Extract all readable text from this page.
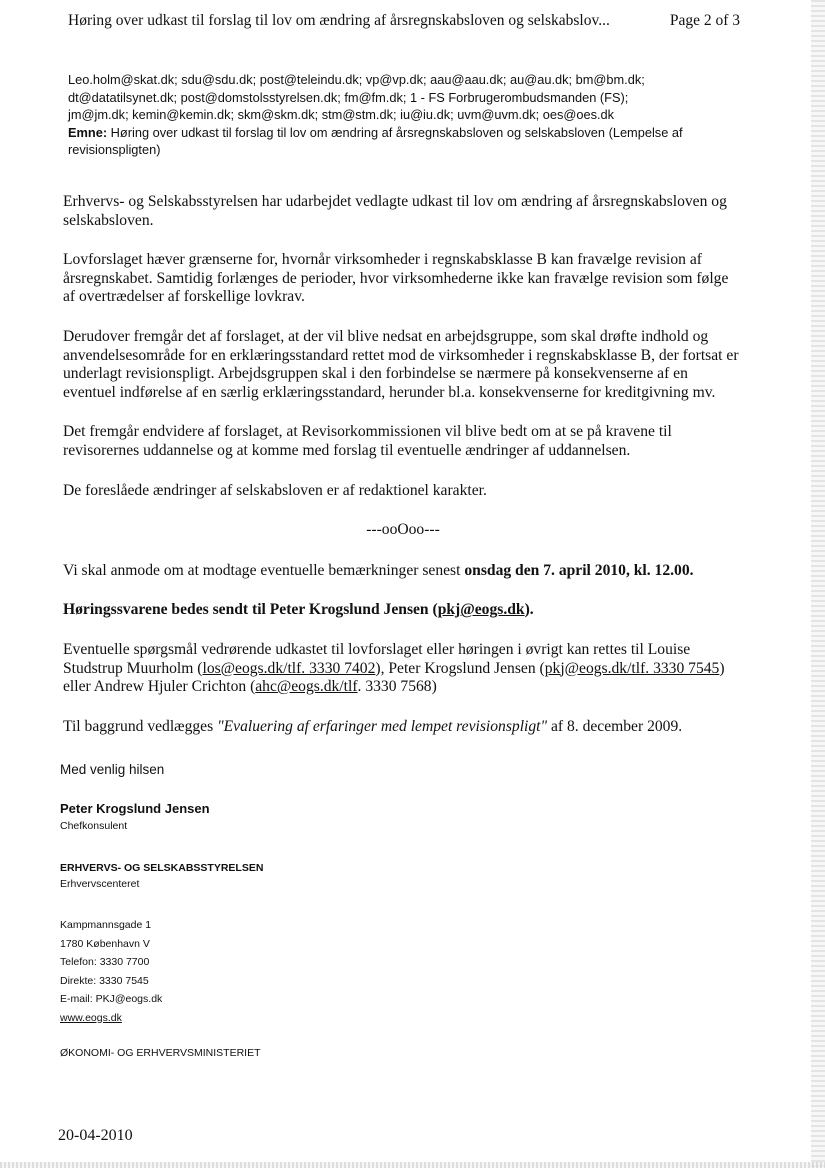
Høring over udkast til forslag til lov om ændring af årsregnskabsloven og selskabslov...	Page 2 of 3
Leo.holm@skat.dk; sdu@sdu.dk; post@teleindu.dk; vp@vp.dk; aau@aau.dk; au@au.dk; bm@bm.dk;
dt@datatilsynet.dk; post@domstolsstyrelsen.dk; fm@fm.dk; 1 - FS Forbrugerombudsmanden (FS);
jm@jm.dk; kemin@kemin.dk; skm@skm.dk; stm@stm.dk; iu@iu.dk; uvm@uvm.dk; oes@oes.dk
Emne: Høring over udkast til forslag til lov om ændring af årsregnskabsloven og selskabsloven (Lempelse af revisionspligten)

Erhvervs- og Selskabsstyrelsen har udarbejdet vedlagte udkast til lov om ændring af årsregnskabsloven og selskabsloven.

Lovforslaget hæver grænserne for, hvornår virksomheder i regnskabsklasse B kan fravælge revision af årsregnskabet. Samtidig forlænges de perioder, hvor virksomhederne ikke kan fravælge revision som følge af overtrædelser af forskellige lovkrav.

Derudover fremgår det af forslaget, at der vil blive nedsat en arbejdsgruppe, som skal drøfte indhold og anvendelsesområde for en erklæringsstandard rettet mod de virksomheder i regnskabsklasse B, der fortsat er underlagt revisionspligt. Arbejdsgruppen skal i den forbindelse se nærmere på konsekvenserne af en eventuel indførelse af en særlig erklæringsstandard, herunder bl.a. konsekvenserne for kreditgivning mv.

Det fremgår endvidere af forslaget, at Revisorkommissionen vil blive bedt om at se på kravene til revisorernes uddannelse og at komme med forslag til eventuelle ændringer af uddannelsen.

De foreslåede ændringer af selskabsloven er af redaktionel karakter.

---ooOoo---

Vi skal anmode om at modtage eventuelle bemærkninger senest onsdag den 7. april 2010, kl. 12.00.

Høringssvarene bedes sendt til Peter Krogslund Jensen (pkj@eogs.dk).

Eventuelle spørgsmål vedrørende udkastet til lovforslaget eller høringen i øvrigt kan rettes til Louise Studstrup Muurholm (los@eogs.dk/tlf. 3330 7402), Peter Krogslund Jensen (pkj@eogs.dk/tlf. 3330 7545) eller Andrew Hjuler Crichton (ahc@eogs.dk/tlf. 3330 7568)

Til baggrund vedlægges "Evaluering af erfaringer med lempet revisionspligt" af 8. december 2009.

Med venlig hilsen
Peter Krogslund Jensen
Chefkonsulent
ERHVERVS- OG SELSKABSSTYRELSEN
Erhvervscenteret
Kampmannsgade 1
1780 København V
Telefon: 3330 7700
Direkte: 3330 7545
E-mail: PKJ@eogs.dk
www.eogs.dk
ØKONOMI- OG ERHVERVSMINISTERIET
20-04-2010
